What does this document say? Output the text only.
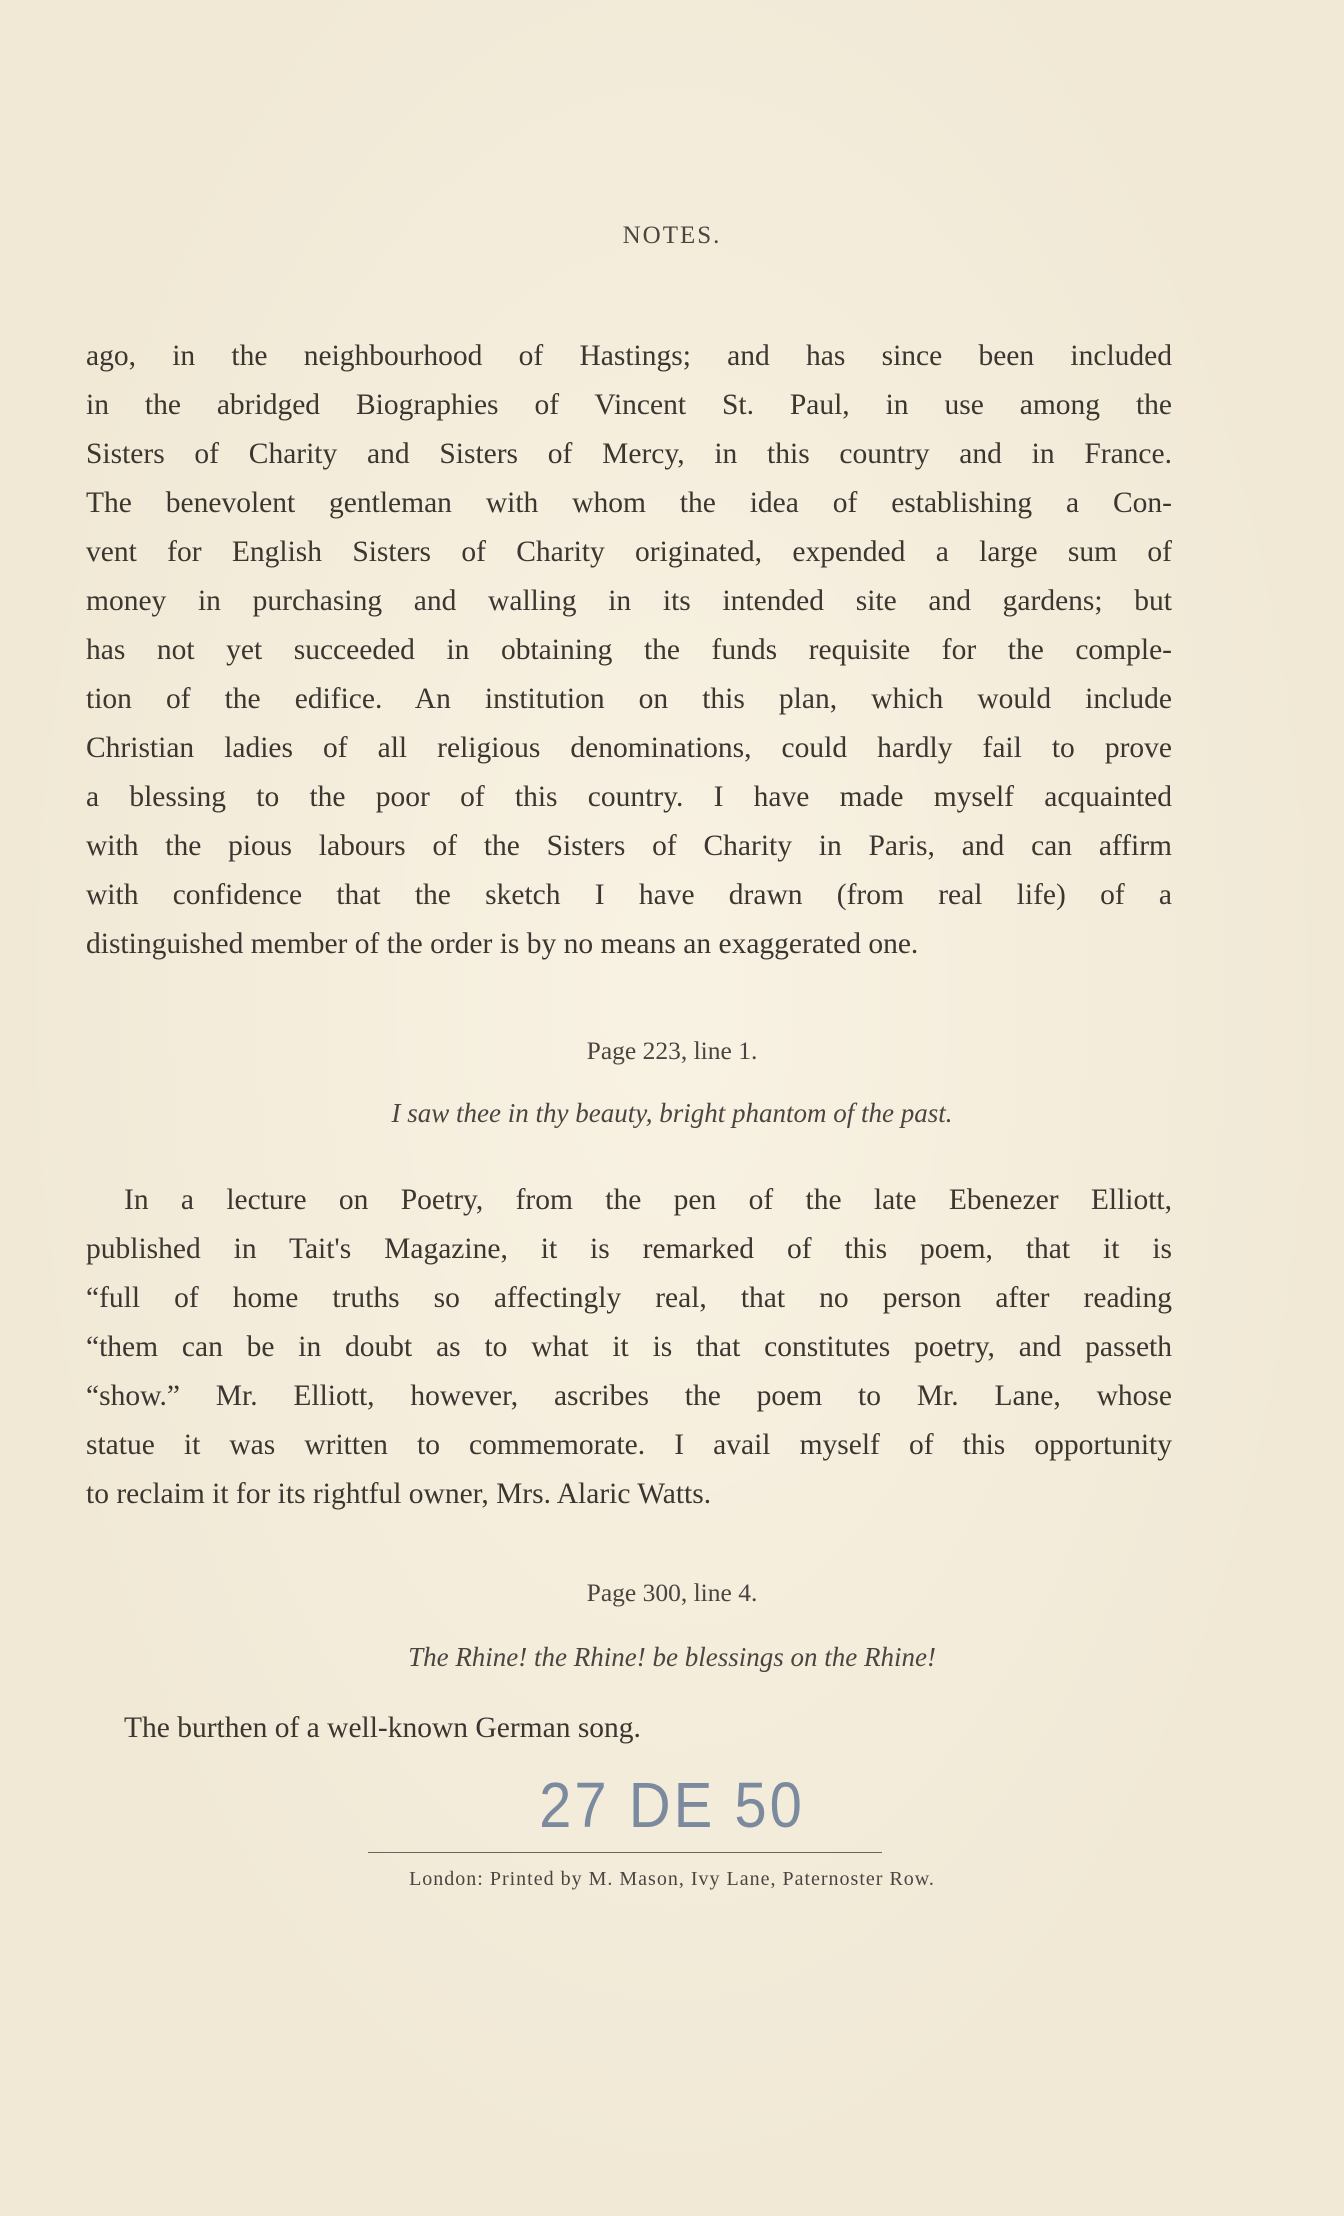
NOTES.
ago, in the neighbourhood of Hastings; and has since been included
in the abridged Biographies of Vincent St. Paul, in use among the
Sisters of Charity and Sisters of Mercy, in this country and in France.
The benevolent gentleman with whom the idea of establishing a Con-
vent for English Sisters of Charity originated, expended a large sum of
money in purchasing and walling in its intended site and gardens; but
has not yet succeeded in obtaining the funds requisite for the comple-
tion of the edifice. An institution on this plan, which would include
Christian ladies of all religious denominations, could hardly fail to prove
a blessing to the poor of this country. I have made myself acquainted
with the pious labours of the Sisters of Charity in Paris, and can affirm
with confidence that the sketch I have drawn (from real life) of a
distinguished member of the order is by no means an exaggerated one.
Page 223, line 1.
I saw thee in thy beauty, bright phantom of the past.
In a lecture on Poetry, from the pen of the late Ebenezer Elliott,
published in Tait's Magazine, it is remarked of this poem, that it is
“full of home truths so affectingly real, that no person after reading
“them can be in doubt as to what it is that constitutes poetry, and passeth
“show.” Mr. Elliott, however, ascribes the poem to Mr. Lane, whose
statue it was written to commemorate. I avail myself of this opportunity
to reclaim it for its rightful owner, Mrs. Alaric Watts.
Page 300, line 4.
The Rhine! the Rhine! be blessings on the Rhine!
The burthen of a well-known German song.
27 DE 50
London: Printed by M. Mason, Ivy Lane, Paternoster Row.
